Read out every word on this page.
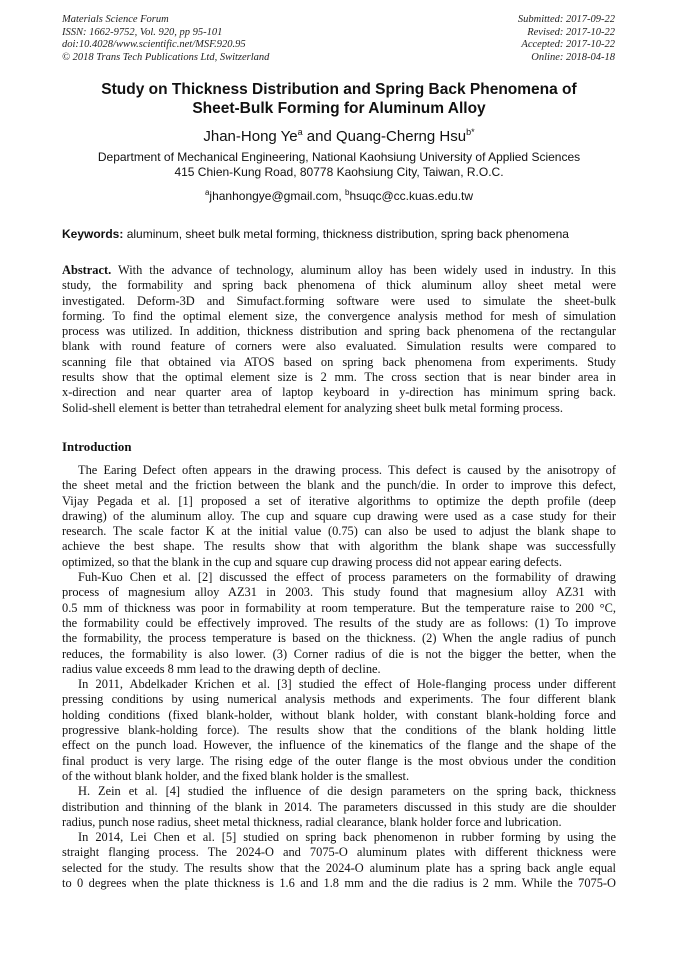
Materials Science Forum
ISSN: 1662-9752, Vol. 920, pp 95-101
doi:10.4028/www.scientific.net/MSF.920.95
© 2018 Trans Tech Publications Ltd, Switzerland
Submitted: 2017-09-22
Revised: 2017-10-22
Accepted: 2017-10-22
Online: 2018-04-18
Study on Thickness Distribution and Spring Back Phenomena of
Sheet-Bulk Forming for Aluminum Alloy
Jhan-Hong Ye$^a$ and Quang-Cherng Hsu$^{b*}$
Department of Mechanical Engineering, National Kaohsiung University of Applied Sciences
415 Chien-Kung Road, 80778 Kaohsiung City, Taiwan, R.O.C.
$^a$jhanhongye@gmail.com, $^b$hsuqc@cc.kuas.edu.tw
Keywords: aluminum, sheet bulk metal forming, thickness distribution, spring back phenomena
Abstract. With the advance of technology, aluminum alloy has been widely used in industry. In this
study, the formability and spring back phenomena of thick aluminum alloy sheet metal were
investigated. Deform-3D and Simufact.forming software were used to simulate the sheet-bulk
forming. To find the optimal element size, the convergence analysis method for mesh of simulation
process was utilized. In addition, thickness distribution and spring back phenomena of the rectangular
blank with round feature of corners were also evaluated. Simulation results were compared to
scanning file that obtained via ATOS based on spring back phenomena from experiments. Study
results show that the optimal element size is 2 mm. The cross section that is near binder area in
x-direction and near quarter area of laptop keyboard in y-direction has minimum spring back.
Solid-shell element is better than tetrahedral element for analyzing sheet bulk metal forming process.
Introduction
The Earing Defect often appears in the drawing process. This defect is caused by the anisotropy of
the sheet metal and the friction between the blank and the punch/die. In order to improve this defect,
Vijay Pegada et al. [1] proposed a set of iterative algorithms to optimize the depth profile (deep
drawing) of the aluminum alloy. The cup and square cup drawing were used as a case study for their
research. The scale factor K at the initial value (0.75) can also be used to adjust the blank shape to
achieve the best shape. The results show that with algorithm the blank shape was successfully
optimized, so that the blank in the cup and square cup drawing process did not appear earing defects.
Fuh-Kuo Chen et al. [2] discussed the effect of process parameters on the formability of drawing
process of magnesium alloy AZ31 in 2003. This study found that magnesium alloy AZ31 with
0.5 mm of thickness was poor in formability at room temperature. But the temperature raise to 200 °C,
the formability could be effectively improved. The results of the study are as follows: (1) To improve
the formability, the process temperature is based on the thickness. (2) When the angle radius of punch
reduces, the formability is also lower. (3) Corner radius of die is not the bigger the better, when the
radius value exceeds 8 mm lead to the drawing depth of decline.
In 2011, Abdelkader Krichen et al. [3] studied the effect of Hole-flanging process under different
pressing conditions by using numerical analysis methods and experiments. The four different blank
holding conditions (fixed blank-holder, without blank holder, with constant blank-holding force and
progressive blank-holding force). The results show that the conditions of the blank holding little
effect on the punch load. However, the influence of the kinematics of the flange and the shape of the
final product is very large. The rising edge of the outer flange is the most obvious under the condition
of the without blank holder, and the fixed blank holder is the smallest.
H. Zein et al. [4] studied the influence of die design parameters on the spring back, thickness
distribution and thinning of the blank in 2014. The parameters discussed in this study are die shoulder
radius, punch nose radius, sheet metal thickness, radial clearance, blank holder force and lubrication.
In 2014, Lei Chen et al. [5] studied on spring back phenomenon in rubber forming by using the
straight flanging process. The 2024-O and 7075-O aluminum plates with different thickness were
selected for the study. The results show that the 2024-O aluminum plate has a spring back angle equal
to 0 degrees when the plate thickness is 1.6 and 1.8 mm and the die radius is 2 mm. While the 7075-O
